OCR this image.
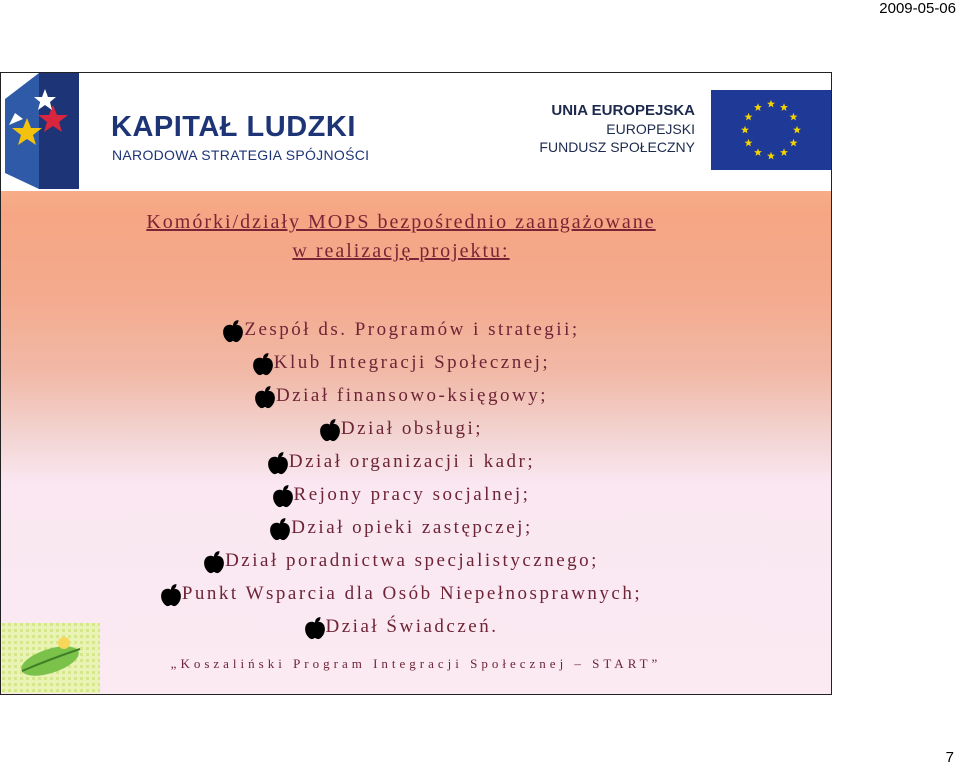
2009-05-06
KAPITAŁ LUDZKI
NARODOWA STRATEGIA SPÓJNOŚCI
UNIA EUROPEJSKA
EUROPEJSKI
FUNDUSZ SPOŁECZNY
Komórki/działy MOPS bezpośrednio zaangażowane
w realizację projektu:
Zespół ds. Programów i strategii;
Klub Integracji Społecznej;
Dział finansowo-księgowy;
Dział obsługi;
Dział organizacji i kadr;
Rejony pracy socjalnej;
Dział opieki zastępczej;
Dział poradnictwa specjalistycznego;
Punkt Wsparcia dla Osób Niepełnosprawnych;
Dział Świadczeń.
„Koszaliński Program Integracji Społecznej – START”
7
